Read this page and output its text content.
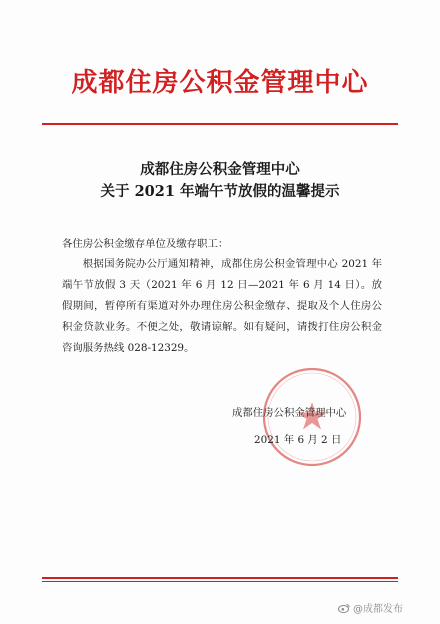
成都住房公积金管理中心
成都住房公积金管理中心
关于 2021 年端午节放假的温馨提示
各住房公积金缴存单位及缴存职工：
根据国务院办公厅通知精神，成都住房公积金管理中心 2021 年端午节放假 3 天（2021 年 6 月 12 日—2021 年 6 月 14 日）。放假期间，暂停所有渠道对外办理住房公积金缴存、提取及个人住房公积金贷款业务。不便之处，敬请谅解。如有疑问，请拨打住房公积金咨询服务热线 028-12329。
成都住房公积金管理中心
2021 年 6 月 2 日
@成都发布
